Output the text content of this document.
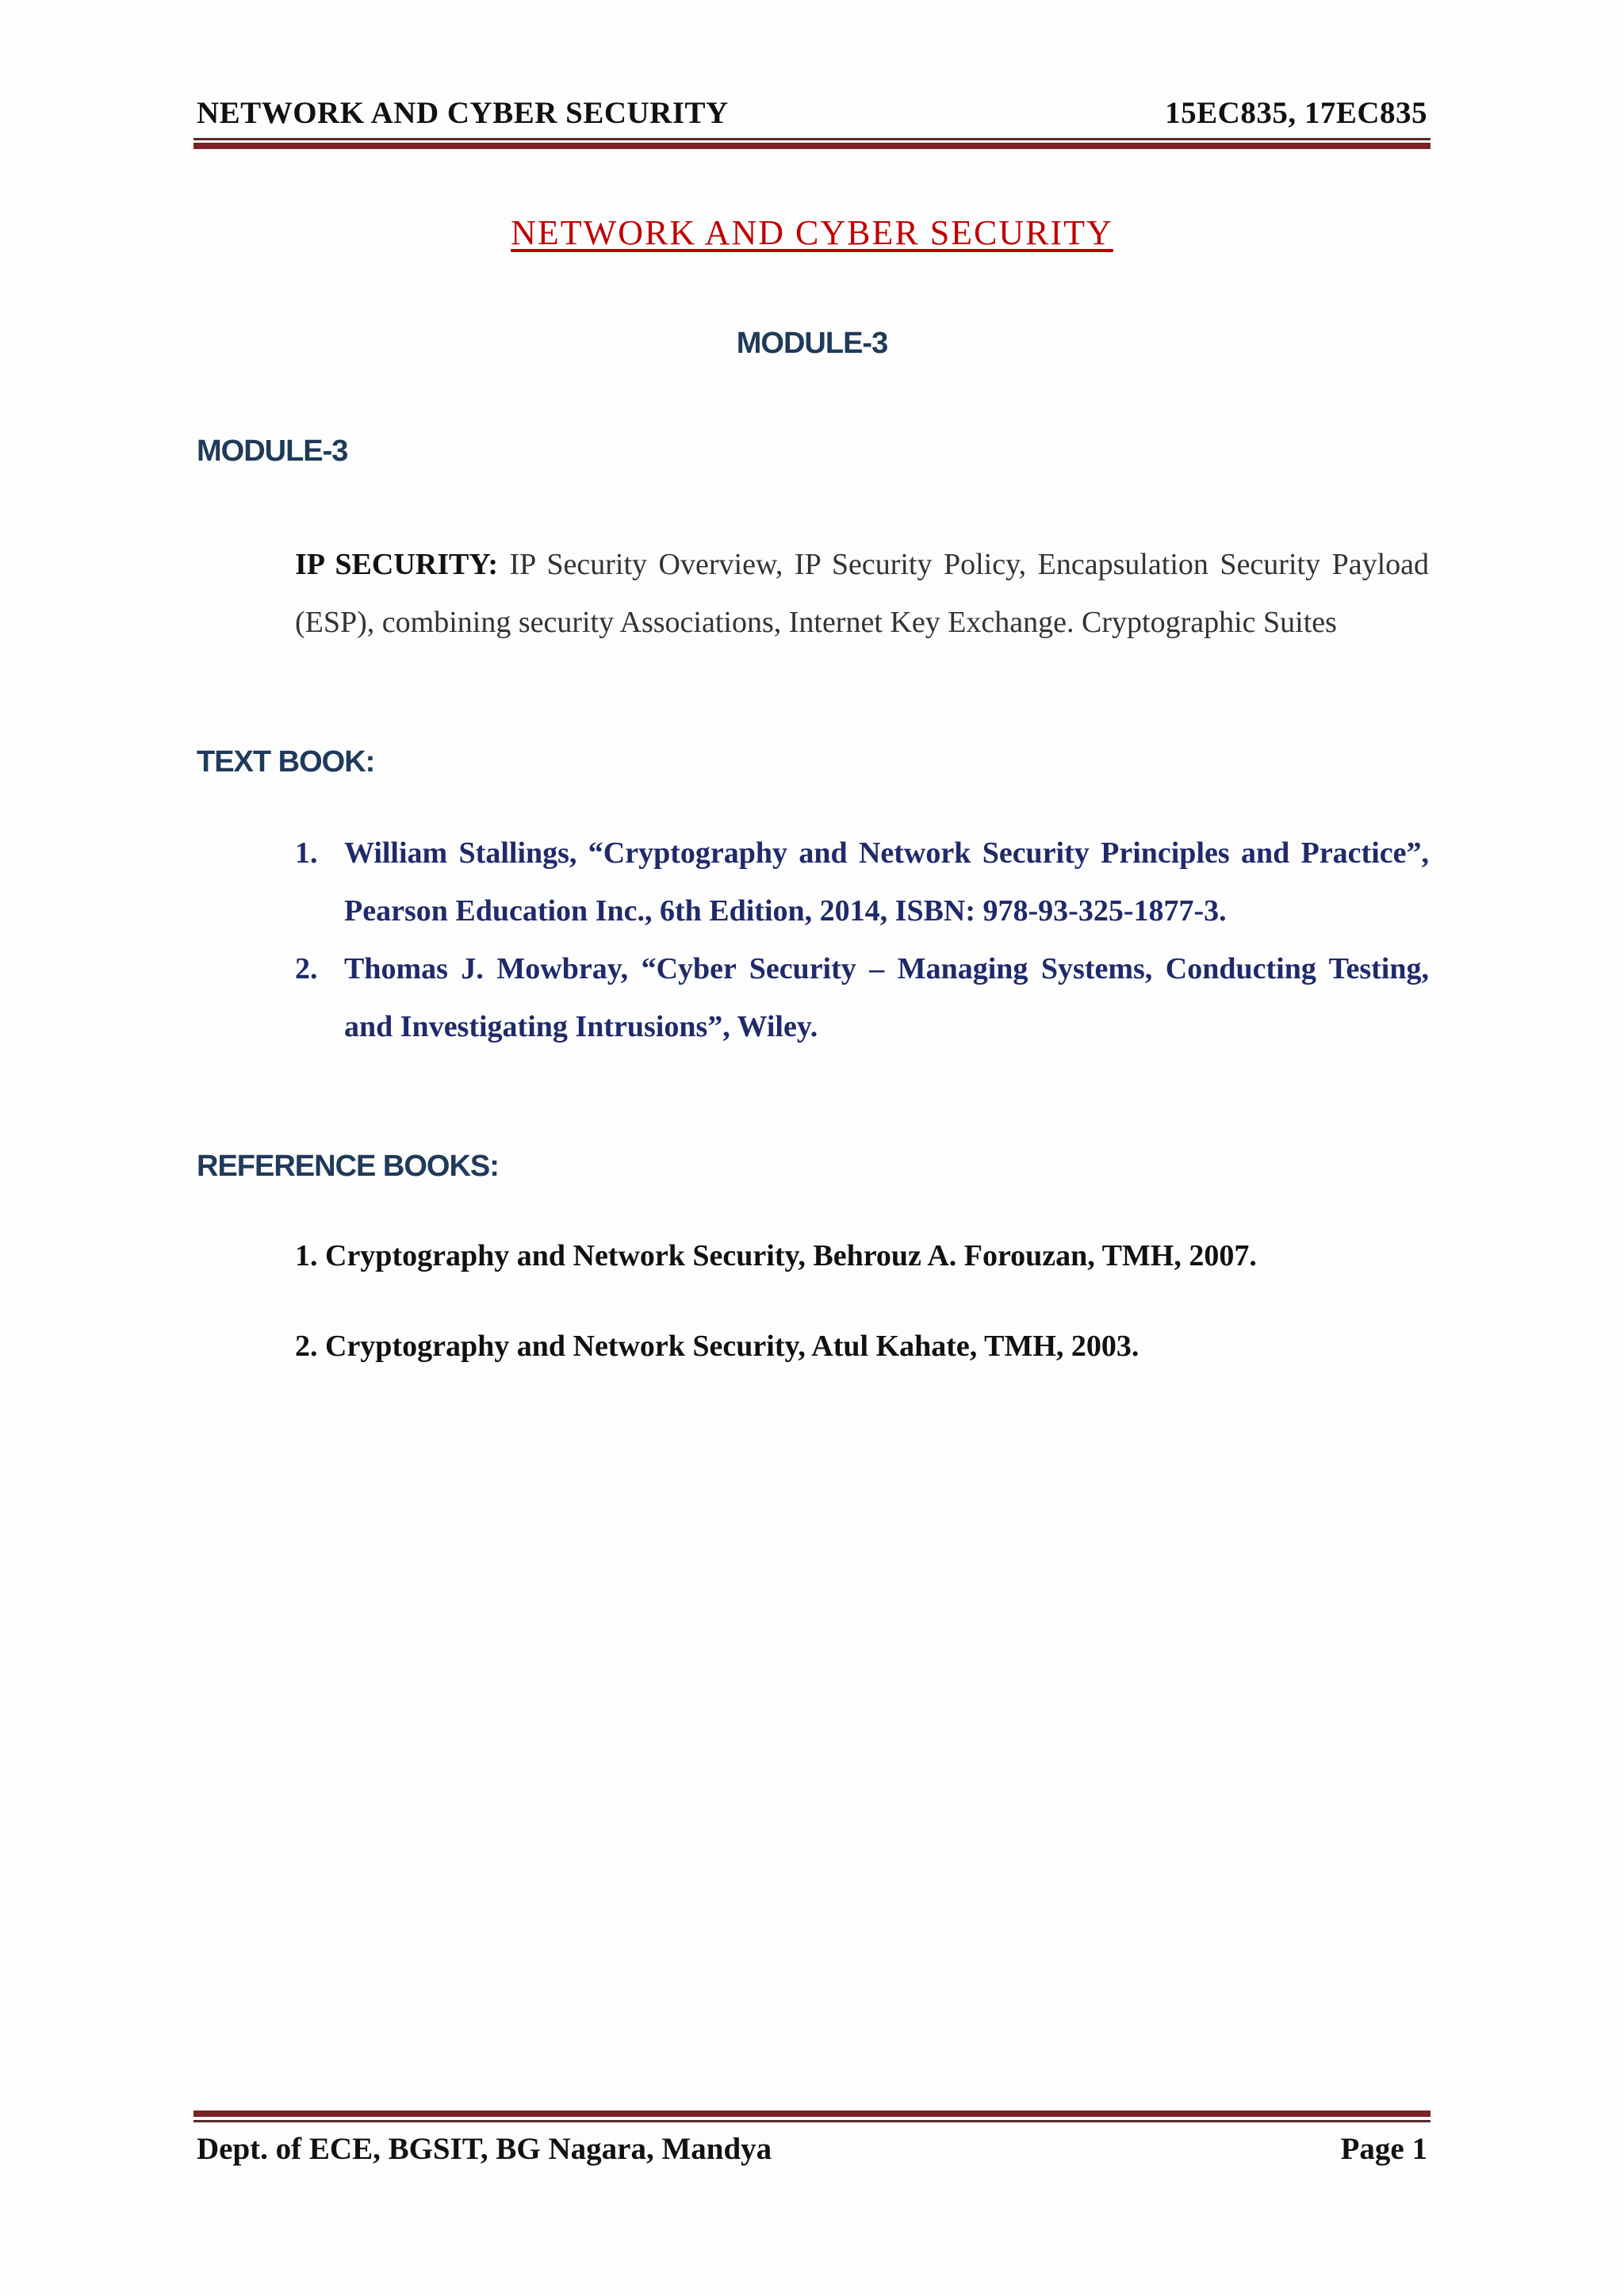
NETWORK AND CYBER SECURITY	15EC835, 17EC835
NETWORK AND CYBER SECURITY
MODULE-3
MODULE-3
IP SECURITY: IP Security Overview, IP Security Policy, Encapsulation Security Payload (ESP), combining security Associations, Internet Key Exchange. Cryptographic Suites
TEXT BOOK:
1. William Stallings, “Cryptography and Network Security Principles and Practice”, Pearson Education Inc., 6th Edition, 2014, ISBN: 978-93-325-1877-3.
2. Thomas J. Mowbray, “Cyber Security – Managing Systems, Conducting Testing, and Investigating Intrusions”, Wiley.
REFERENCE BOOKS:
1. Cryptography and Network Security, Behrouz A. Forouzan, TMH, 2007.
2. Cryptography and Network Security, Atul Kahate, TMH, 2003.
Dept. of ECE, BGSIT, BG Nagara, Mandya	Page 1
